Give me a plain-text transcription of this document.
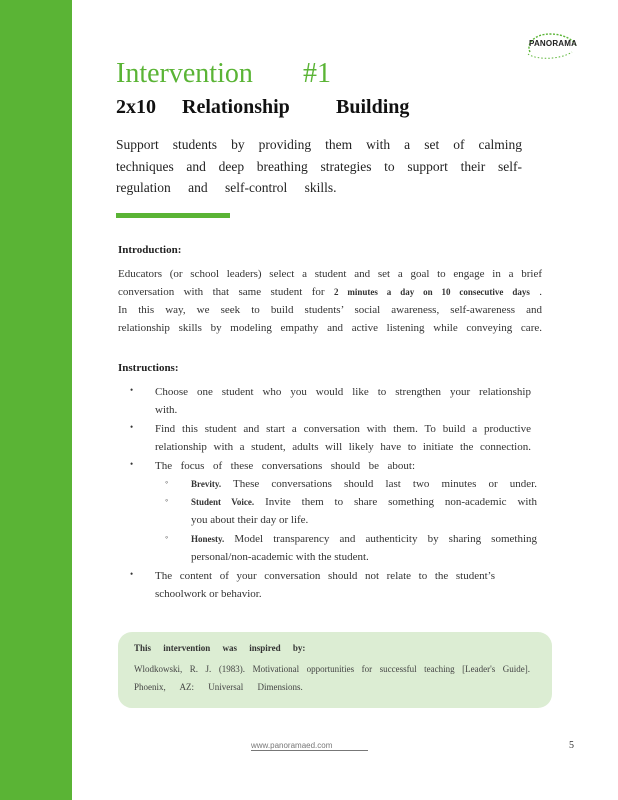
PANORAMA
Intervention #1
2x10 Relationship Building
Support students by providing them with a set of calming
techniques and deep breathing strategies to support their self-
regulation and self-control skills.
Introduction:
Educators (or school leaders) select a student and set a goal to engage in a brief
conversation with that same student for 2 minutes a day on 10 consecutive days .
In this way, we seek to build students’ social awareness, self-awareness and
relationship skills by modeling empathy and active listening while conveying care.
Instructions:
• Choose one student who you would like to strengthen your relationship
with.
• Find this student and start a conversation with them. To build a productive
relationship with a student, adults will likely have to initiate the connection.
• The focus of these conversations should be about:
◦	Brevity. These conversations should last two minutes or under.
◦	Student Voice. Invite them to share something non-academic with
you about their day or life.
◦	Honesty. Model transparency and authenticity by sharing something
personal/non-academic with the student.
• The content of your conversation should not relate to the student’s
schoolwork or behavior.
This intervention was inspired by:
Wlodkowski, R. J. (1983). Motivational opportunities for successful teaching [Leader's Guide].
Phoenix, AZ: Universal Dimensions.
www.panoramaed.com	5
